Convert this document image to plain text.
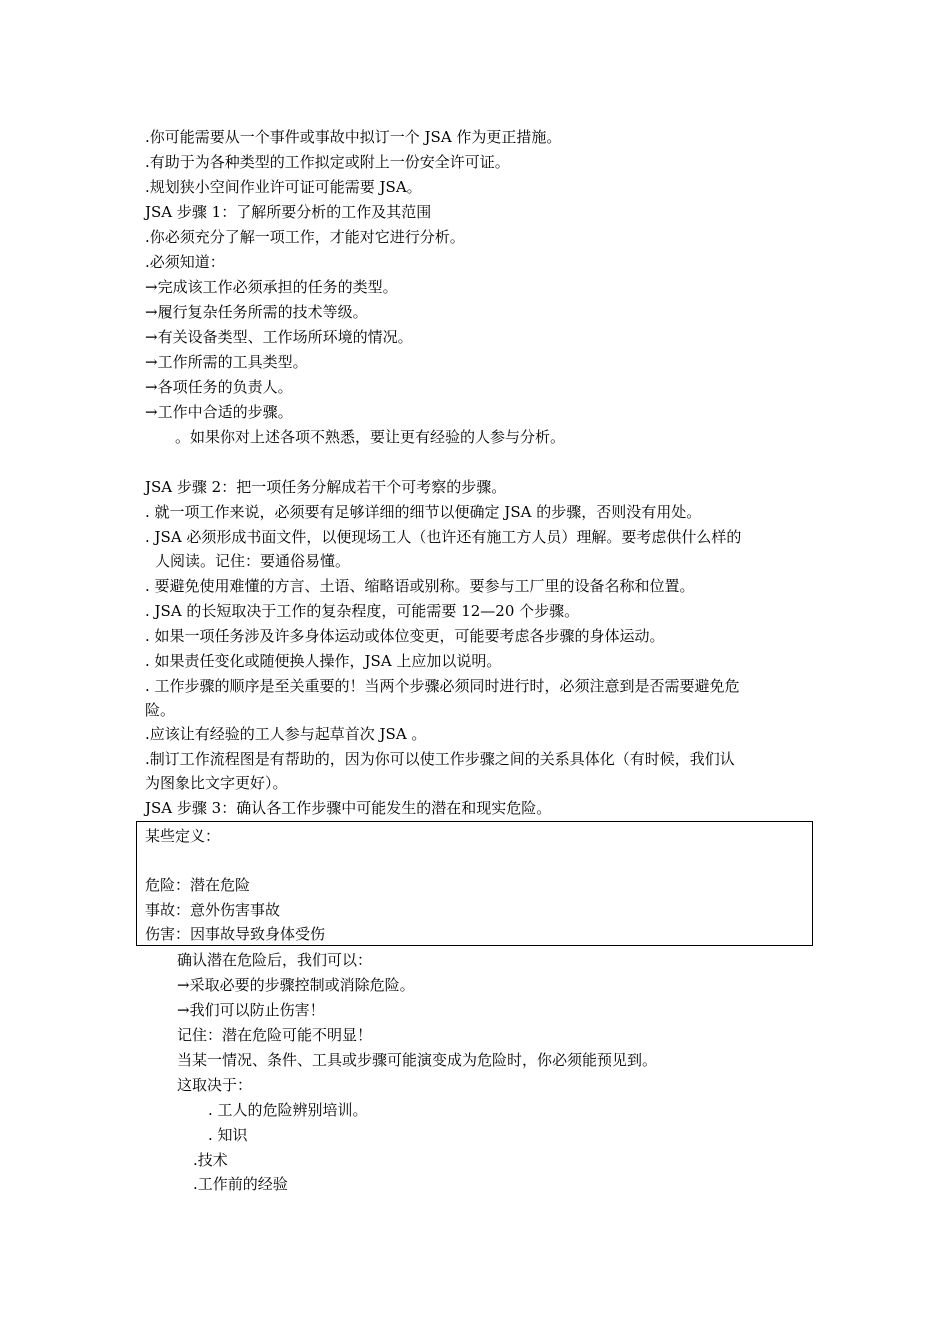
.你可能需要从一个事件或事故中拟订一个 JSA 作为更正措施。
.有助于为各种类型的工作拟定或附上一份安全许可证。
.规划狭小空间作业许可证可能需要 JSA。
JSA 步骤 1：了解所要分析的工作及其范围
.你必须充分了解一项工作，才能对它进行分析。
.必须知道：
→完成该工作必须承担的任务的类型。
→履行复杂任务所需的技术等级。
→有关设备类型、工作场所环境的情况。
→工作所需的工具类型。
→各项任务的负责人。
→工作中合适的步骤。
。如果你对上述各项不熟悉，要让更有经验的人参与分析。
JSA 步骤 2：把一项任务分解成若干个可考察的步骤。
. 就一项工作来说，必须要有足够详细的细节以便确定 JSA 的步骤，否则没有用处。
. JSA 必须形成书面文件，以便现场工人（也许还有施工方人员）理解。要考虑供什么样的
人阅读。记住：要通俗易懂。
. 要避免使用难懂的方言、土语、缩略语或别称。要参与工厂里的设备名称和位置。
. JSA 的长短取决于工作的复杂程度，可能需要 12—20 个步骤。
. 如果一项任务涉及许多身体运动或体位变更，可能要考虑各步骤的身体运动。
. 如果责任变化或随便换人操作，JSA 上应加以说明。
. 工作步骤的顺序是至关重要的！当两个步骤必须同时进行时，必须注意到是否需要避免危
险。
.应该让有经验的工人参与起草首次 JSA 。
.制订工作流程图是有帮助的，因为你可以使工作步骤之间的关系具体化（有时候，我们认
为图象比文字更好）。
JSA 步骤 3：确认各工作步骤中可能发生的潜在和现实危险。
某些定义：
危险：潜在危险
事故：意外伤害事故
伤害：因事故导致身体受伤
确认潜在危险后，我们可以：
→采取必要的步骤控制或消除危险。
→我们可以防止伤害！
记住：潜在危险可能不明显！
当某一情况、条件、工具或步骤可能演变成为危险时，你必须能预见到。
这取决于：
. 工人的危险辨别培训。
. 知识
.技术
.工作前的经验
